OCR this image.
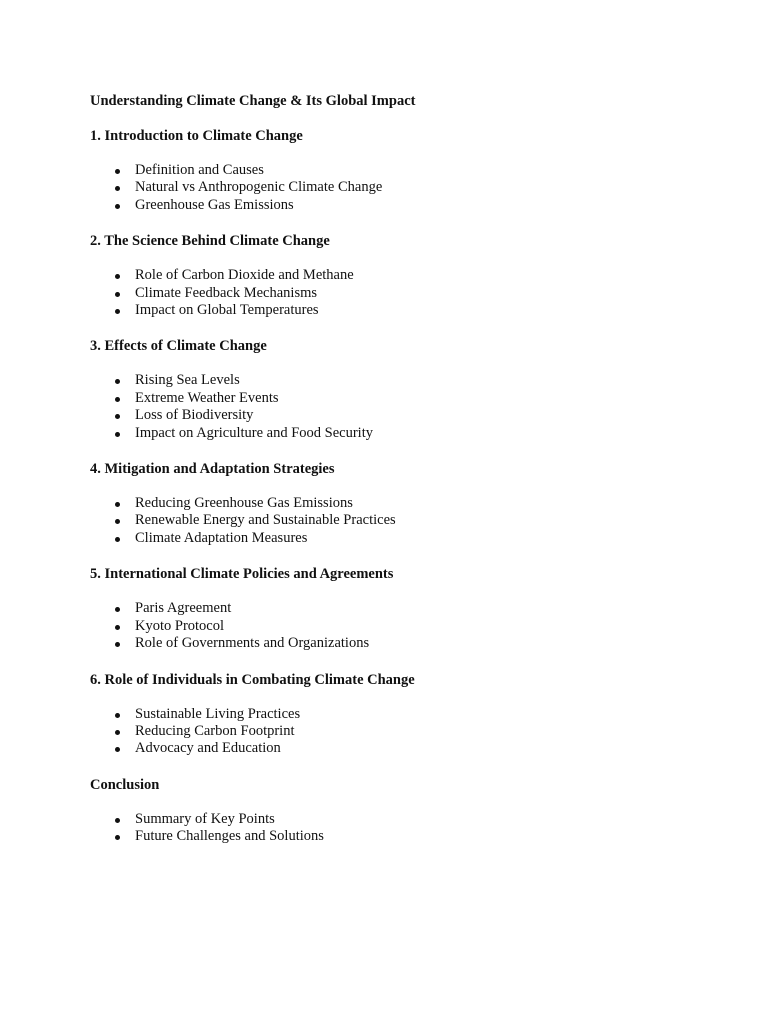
Understanding Climate Change & Its Global Impact
1. Introduction to Climate Change
Definition and Causes
Natural vs Anthropogenic Climate Change
Greenhouse Gas Emissions
2. The Science Behind Climate Change
Role of Carbon Dioxide and Methane
Climate Feedback Mechanisms
Impact on Global Temperatures
3. Effects of Climate Change
Rising Sea Levels
Extreme Weather Events
Loss of Biodiversity
Impact on Agriculture and Food Security
4. Mitigation and Adaptation Strategies
Reducing Greenhouse Gas Emissions
Renewable Energy and Sustainable Practices
Climate Adaptation Measures
5. International Climate Policies and Agreements
Paris Agreement
Kyoto Protocol
Role of Governments and Organizations
6. Role of Individuals in Combating Climate Change
Sustainable Living Practices
Reducing Carbon Footprint
Advocacy and Education
Conclusion
Summary of Key Points
Future Challenges and Solutions
